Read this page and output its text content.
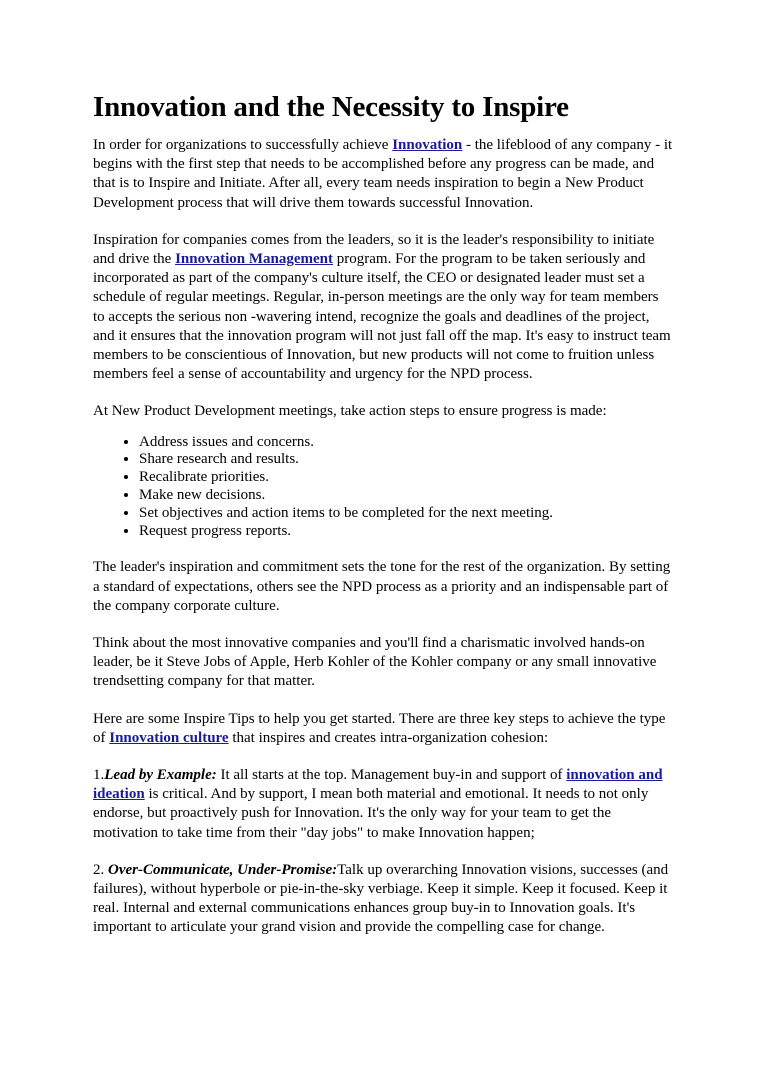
Innovation and the Necessity to Inspire

In order for organizations to successfully achieve Innovation - the lifeblood of any company - it begins with the first step that needs to be accomplished before any progress can be made, and that is to Inspire and Initiate. After all, every team needs inspiration to begin a New Product Development process that will drive them towards successful Innovation.

Inspiration for companies comes from the leaders, so it is the leader's responsibility to initiate and drive the Innovation Management program. For the program to be taken seriously and incorporated as part of the company's culture itself, the CEO or designated leader must set a schedule of regular meetings. Regular, in-person meetings are the only way for team members to accepts the serious non -wavering intend, recognize the goals and deadlines of the project, and it ensures that the innovation program will not just fall off the map. It's easy to instruct team members to be conscientious of Innovation, but new products will not come to fruition unless members feel a sense of accountability and urgency for the NPD process.

At New Product Development meetings, take action steps to ensure progress is made:

• Address issues and concerns.
• Share research and results.
• Recalibrate priorities.
• Make new decisions.
• Set objectives and action items to be completed for the next meeting.
• Request progress reports.

The leader's inspiration and commitment sets the tone for the rest of the organization. By setting a standard of expectations, others see the NPD process as a priority and an indispensable part of the company corporate culture.

Think about the most innovative companies and you'll find a charismatic involved hands-on leader, be it Steve Jobs of Apple, Herb Kohler of the Kohler company or any small innovative trendsetting company for that matter.

Here are some Inspire Tips to help you get started. There are three key steps to achieve the type of Innovation culture that inspires and creates intra-organization cohesion:

1.Lead by Example: It all starts at the top. Management buy-in and support of innovation and ideation is critical. And by support, I mean both material and emotional. It needs to not only endorse, but proactively push for Innovation. It's the only way for your team to get the motivation to take time from their "day jobs" to make Innovation happen;

2. Over-Communicate, Under-Promise:Talk up overarching Innovation visions, successes (and failures), without hyperbole or pie-in-the-sky verbiage. Keep it simple. Keep it focused. Keep it real. Internal and external communications enhances group buy-in to Innovation goals. It's important to articulate your grand vision and provide the compelling case for change.
